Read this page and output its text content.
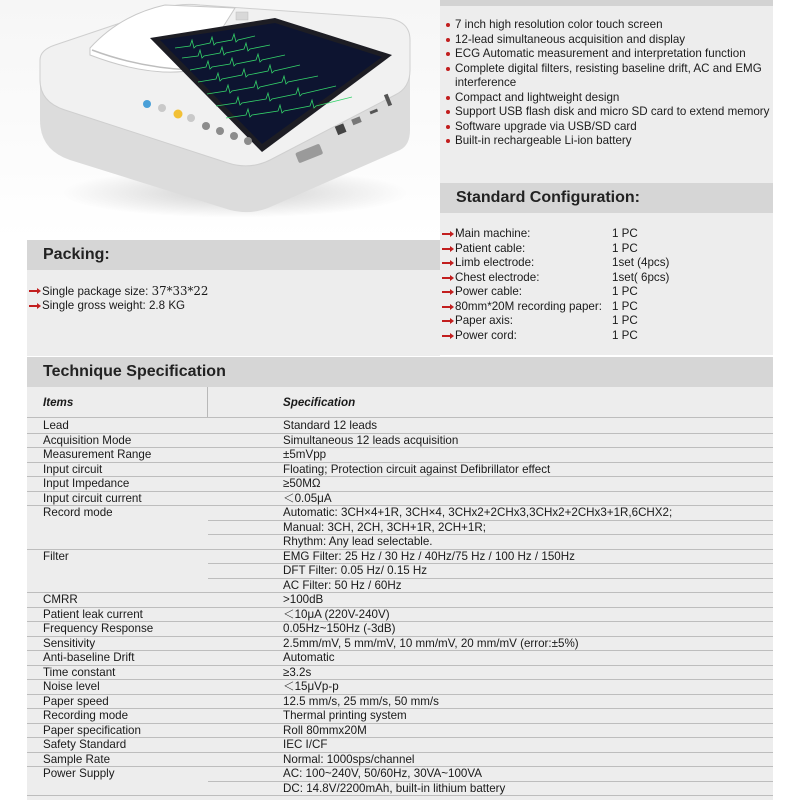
7 inch high resolution color touch screen
12-lead simultaneous acquisition and display
ECG Automatic measurement and interpretation function
Complete digital filters, resisting baseline drift, AC and EMG interference
Compact and lightweight design
Support USB flash disk and micro SD card to extend memory
Software upgrade via USB/SD card
Built-in rechargeable Li-ion battery
Standard Configuration:
Main machine:	1 PC
Patient cable:	1 PC
Limb electrode:	1set (4pcs)
Chest electrode:	1set( 6pcs)
Power cable:	1 PC
80mm*20M recording paper: 1 PC
Paper axis:	1 PC
Power cord:	1 PC
Packing:
Single package size: 37*33*22
Single gross weight: 2.8 KG
Technique Specification
Items	Specification
Lead	Standard 12 leads
Acquisition Mode	Simultaneous 12 leads acquisition
Measurement Range	±5mVpp
Input circuit	Floating; Protection circuit against Defibrillator effect
Input Impedance	≥50MΩ
Input circuit current	＜0.05μA
Record mode	Automatic: 3CH×4+1R, 3CH×4, 3CHx2+2CHx3,3CHx2+2CHx3+1R,6CHX2;
Manual: 3CH, 2CH, 3CH+1R, 2CH+1R;
Rhythm: Any lead selectable.
Filter	EMG Filter: 25 Hz / 30 Hz / 40Hz/75 Hz / 100 Hz / 150Hz
DFT Filter: 0.05 Hz/ 0.15 Hz
AC Filter: 50 Hz / 60Hz
CMRR	>100dB
Patient leak current	＜10μA (220V-240V)
Frequency Response	0.05Hz~150Hz (-3dB)
Sensitivity	2.5mm/mV, 5 mm/mV, 10 mm/mV, 20 mm/mV (error:±5%)
Anti-baseline Drift	Automatic
Time constant	≥3.2s
Noise level	＜15μVp-p
Paper speed	12.5 mm/s, 25 mm/s, 50 mm/s
Recording mode	Thermal printing system
Paper specification	Roll 80mmx20M
Safety Standard	IEC I/CF
Sample Rate	Normal: 1000sps/channel
Power Supply	AC: 100~240V, 50/60Hz, 30VA~100VA
DC: 14.8V/2200mAh, built-in lithium battery
